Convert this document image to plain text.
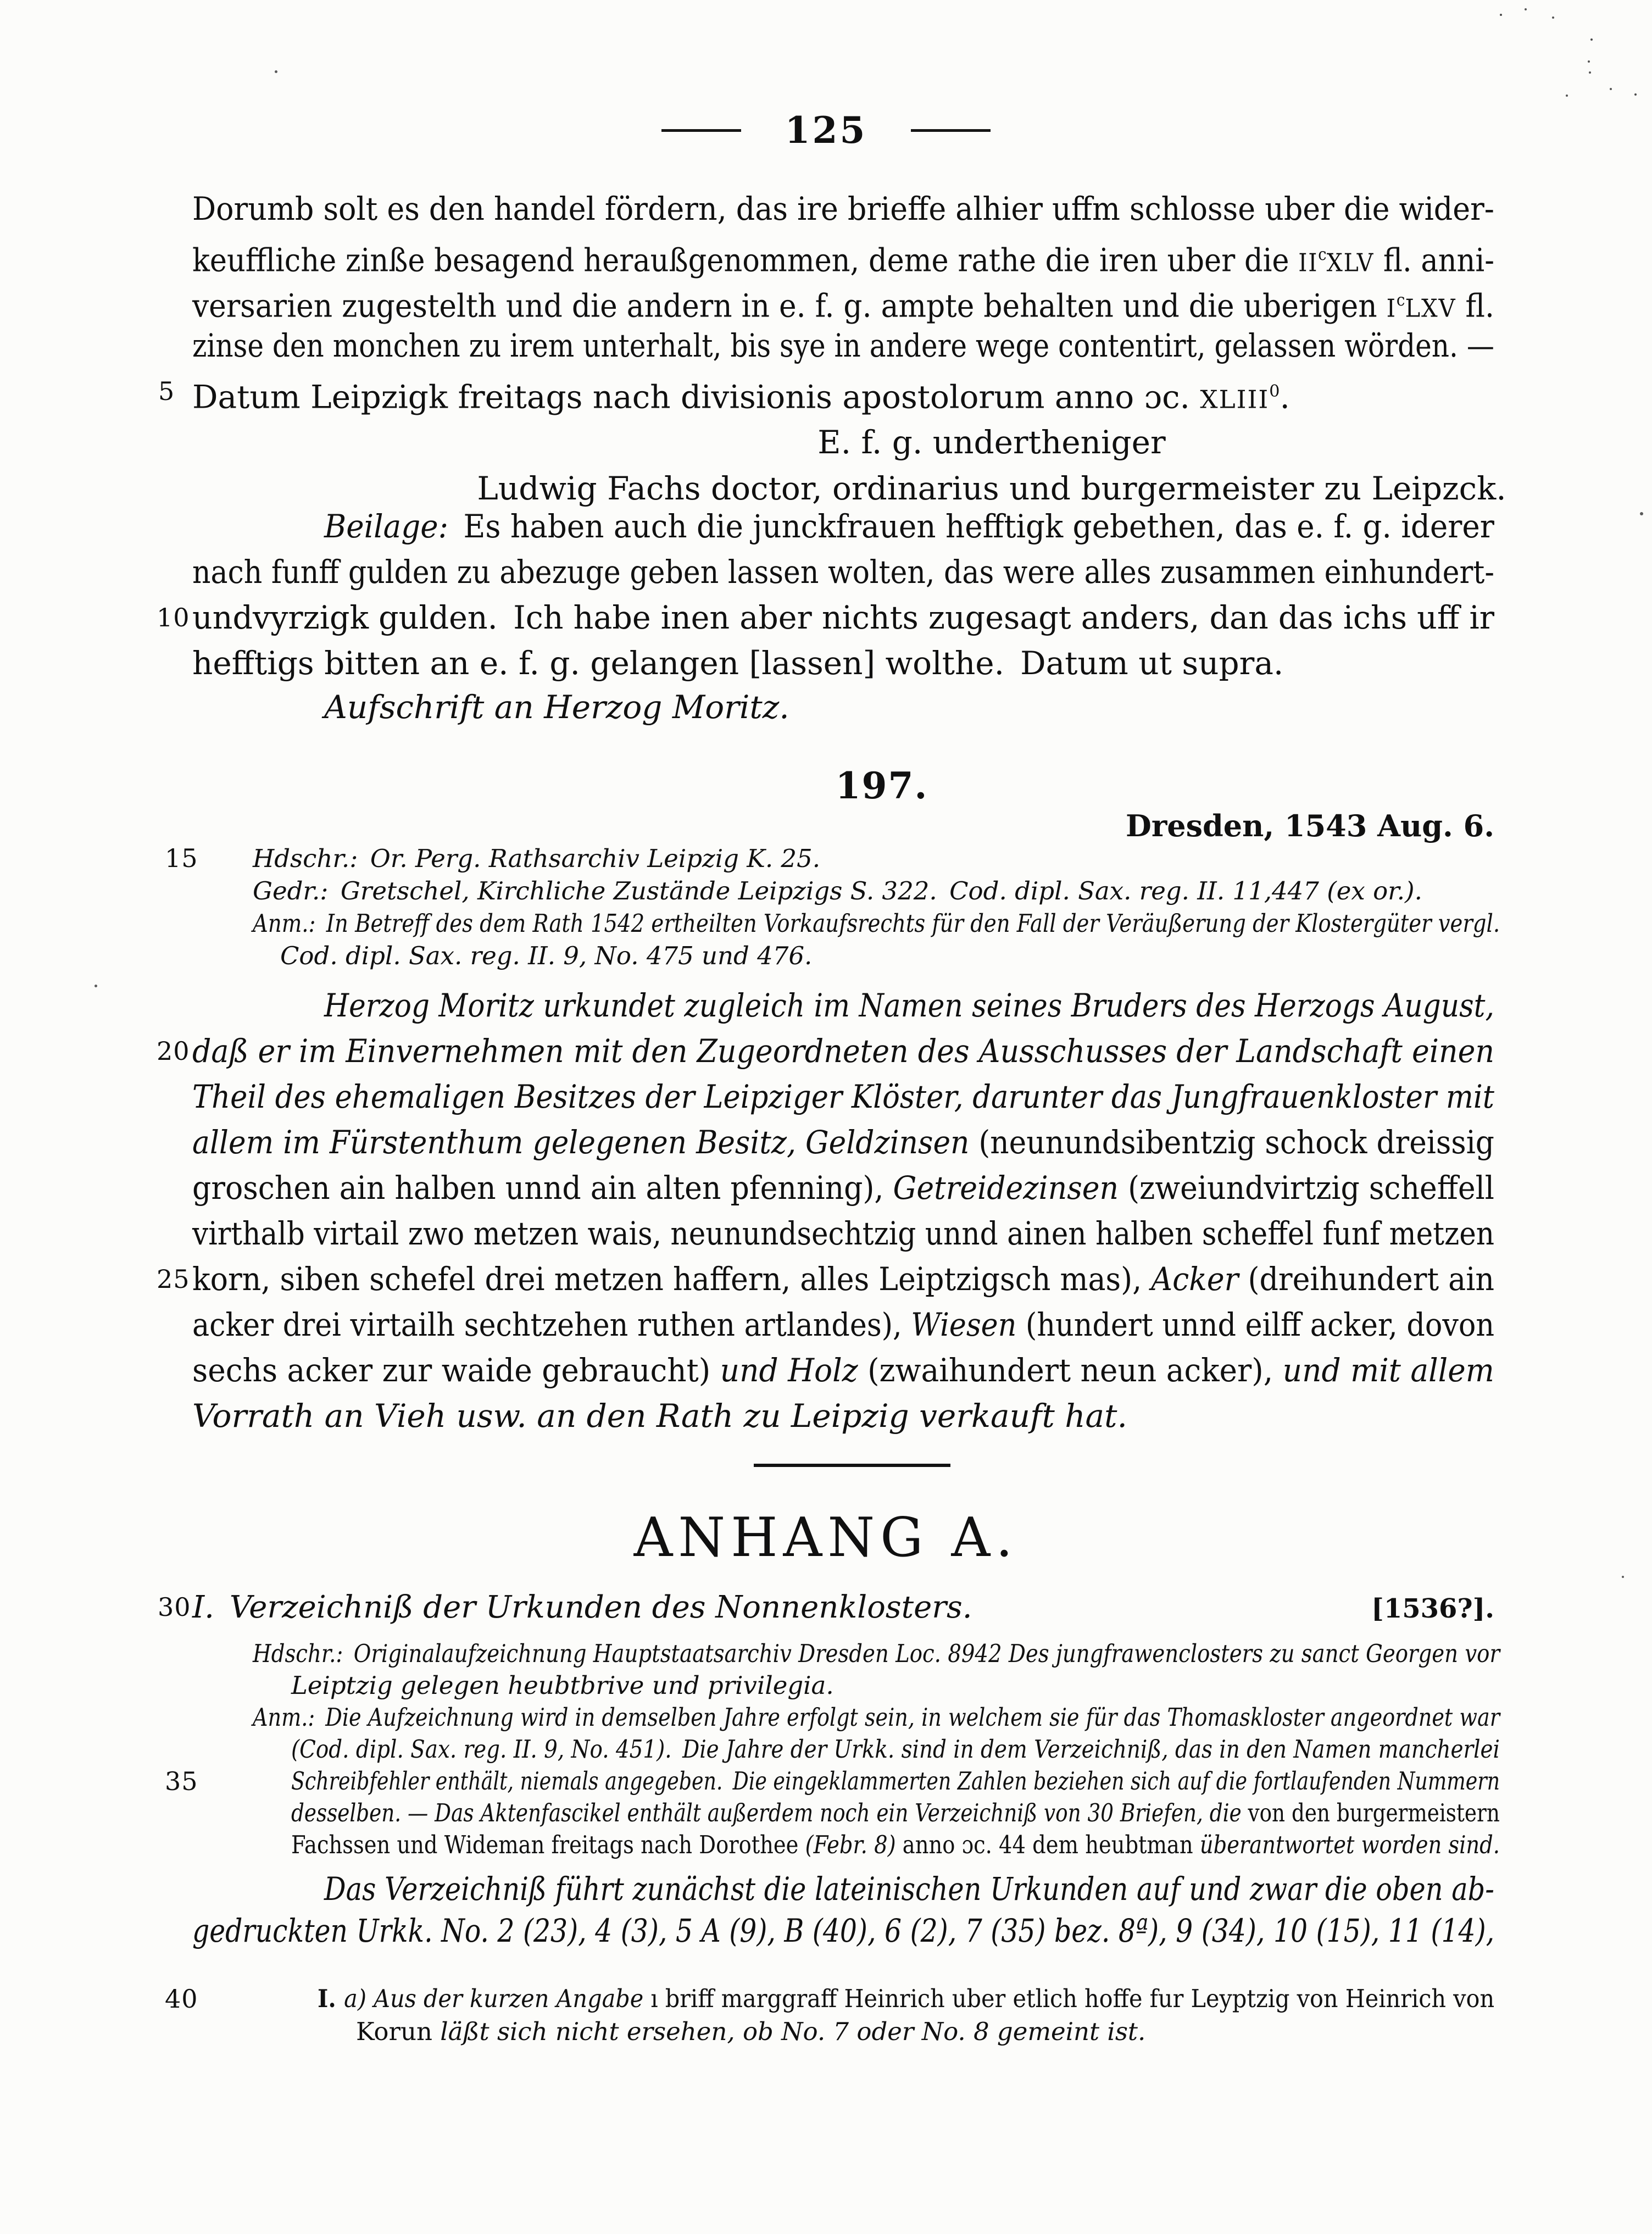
125
Dorumb solt es den handel fördern, das ire brieffe alhier uffm schlosse uber die wider-
keuffliche zinße besagend heraußgenommen, deme rathe die iren uber die $II^cXLV$ fl. anni-
versarien zugestelth und die andern in e. f. g. ampte behalten und die uberigen $I^cLXV$ fl.
zinse den monchen zu irem unterhalt, bis sye in andere wege contentirt, gelassen wörden. —
5 Datum Leipzigk freitags nach divisionis apostolorum anno ɔc. XLIII$^0$.
E. f. g. undertheniger
Ludwig Fachs doctor, ordinarius und burgermeister zu Leipzck.
Beilage: Es haben auch die junckfrauen hefftigk gebethen, das e. f. g. iderer
nach funff gulden zu abezuge geben lassen wolten, das were alles zusammen einhundert-
10 undvyrzigk gulden. Ich habe inen aber nichts zugesagt anders, dan das ichs uff ir
hefftigs bitten an e. f. g. gelangen [lassen] wolthe. Datum ut supra.
Aufschrift an Herzog Moritz.
197.
Dresden, 1543 Aug. 6.
15 Hdschr.: Or. Perg. Rathsarchiv Leipzig K. 25.
Gedr.: Gretschel, Kirchliche Zustände Leipzigs S. 322. Cod. dipl. Sax. reg. II. 11,447 (ex or.).
Anm.: In Betreff des dem Rath 1542 ertheilten Vorkaufsrechts für den Fall der Veräußerung der Klostergüter vergl.
Cod. dipl. Sax. reg. II. 9, No. 475 und 476.
Herzog Moritz urkundet zugleich im Namen seines Bruders des Herzogs August,
20 daß er im Einvernehmen mit den Zugeordneten des Ausschusses der Landschaft einen
Theil des ehemaligen Besitzes der Leipziger Klöster, darunter das Jungfrauenkloster mit
allem im Fürstenthum gelegenen Besitz, Geldzinsen (neunundsibentzig schock dreissig
groschen ain halben unnd ain alten pfenning), Getreidezinsen (zweiundvirtzig scheffell
virthalb virtail zwo metzen wais, neunundsechtzig unnd ainen halben scheffel funf metzen
25 korn, siben schefel drei metzen haffern, alles Leiptzigsch mas), Acker (dreihundert ain
acker drei virtailh sechtzehen ruthen artlandes), Wiesen (hundert unnd eilff acker, dovon
sechs acker zur waide gebraucht) und Holz (zwaihundert neun acker), und mit allem
Vorrath an Vieh usw. an den Rath zu Leipzig verkauft hat.
ANHANG A.
30 I. Verzeichniß der Urkunden des Nonnenklosters.	[1536?].
Hdschr.: Originalaufzeichnung Hauptstaatsarchiv Dresden Loc. 8942 Des jungfrawenclosters zu sanct Georgen vor
Leiptzig gelegen heubtbrive und privilegia.
Anm.: Die Aufzeichnung wird in demselben Jahre erfolgt sein, in welchem sie für das Thomaskloster angeordnet war
(Cod. dipl. Sax. reg. II. 9, No. 451). Die Jahre der Urkk. sind in dem Verzeichniß, das in den Namen mancherlei
35	Schreibfehler enthält, niemals angegeben. Die eingeklammerten Zahlen beziehen sich auf die fortlaufenden Nummern
desselben. — Das Aktenfascikel enthält außerdem noch ein Verzeichniß von 30 Briefen, die von den burgermeistern
Fachssen und Wideman freitags nach Dorothee (Febr. 8) anno ɔc. 44 dem heubtman überantwortet worden sind.
Das Verzeichniß führt zunächst die lateinischen Urkunden auf und zwar die oben ab-
gedruckten Urkk. No. 2 (23), 4 (3), 5 A (9), B (40), 6 (2), 7 (35) bez. 8ª), 9 (34), 10 (15), 11 (14),
40	I. a) Aus der kurzen Angabe ı briff marggraff Heinrich uber etlich hoffe fur Leyptzig von Heinrich von
Korun läßt sich nicht ersehen, ob No. 7 oder No. 8 gemeint ist.
